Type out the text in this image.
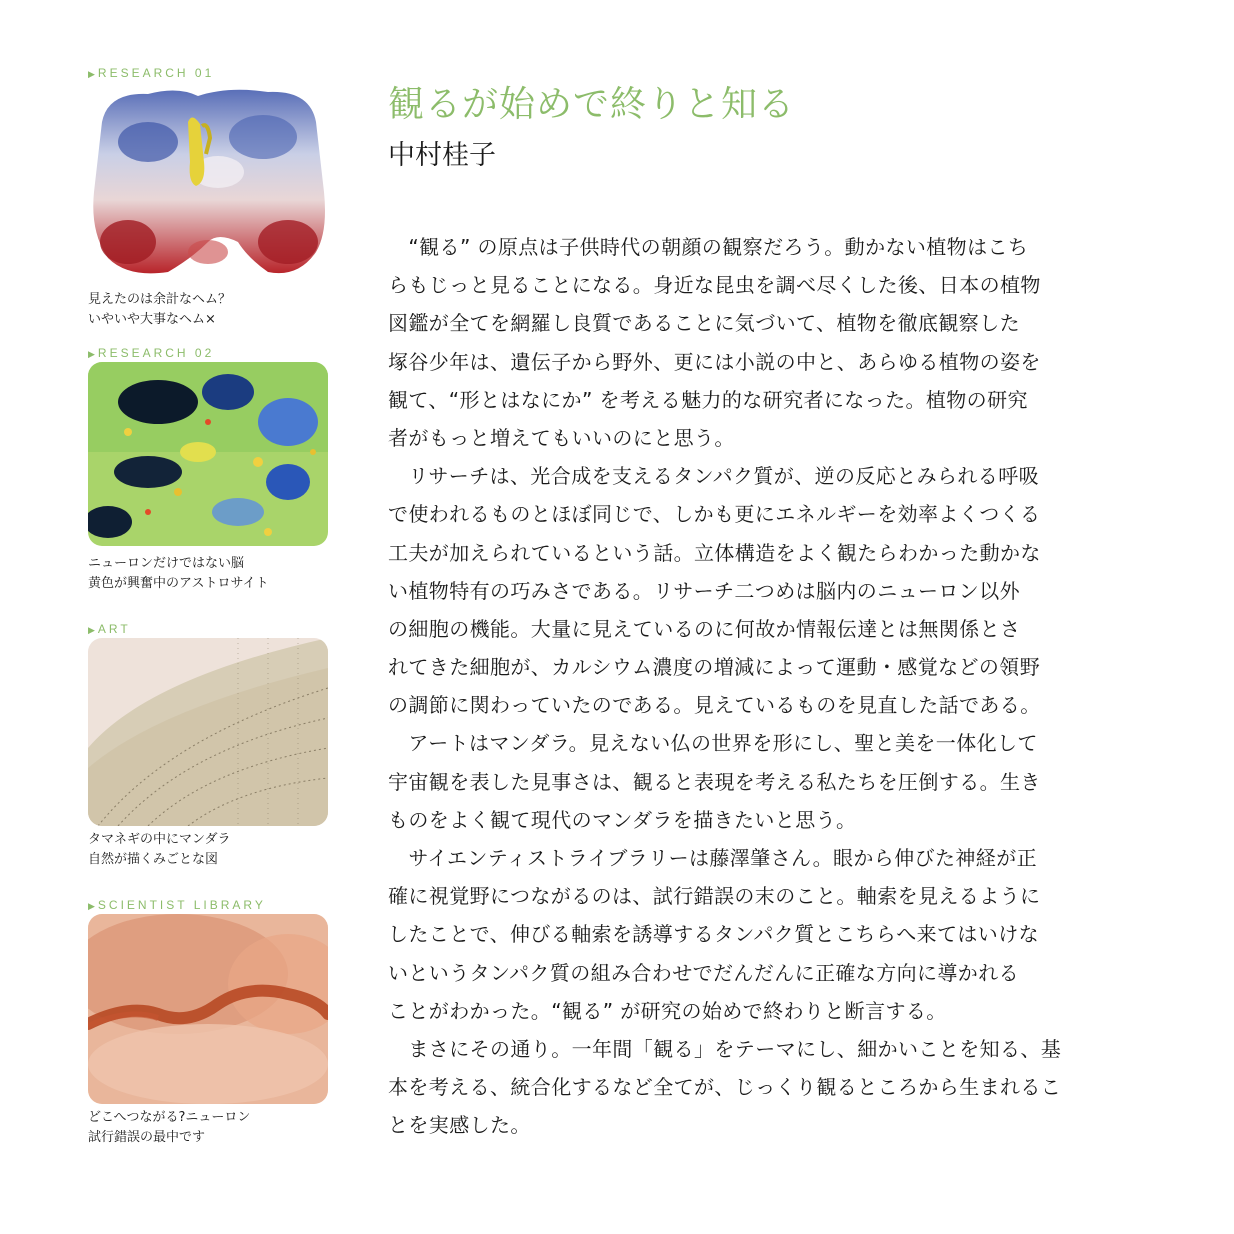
▶ RESEARCH 01
見えたのは余計なヘム？
いやいや大事なヘム×
▶ RESEARCH 02
ニューロンだけではない脳
黄色が興奮中のアストロサイト
▶ ART
タマネギの中にマンダラ
自然が描くみごとな図
▶ SCIENTIST LIBRARY
どこへつながる?ニューロン
試行錯誤の最中です
観るが始めで終りと知る
中村桂子
　“観る” の原点は子供時代の朝顔の観察だろう。動かない植物はこち
らもじっと見ることになる。身近な昆虫を調べ尽くした後、日本の植物
図鑑が全てを網羅し良質であることに気づいて、植物を徹底観察した
塚谷少年は、遺伝子から野外、更には小説の中と、あらゆる植物の姿を
観て、“形とはなにか” を考える魅力的な研究者になった。植物の研究
者がもっと増えてもいいのにと思う。
　リサーチは、光合成を支えるタンパク質が、逆の反応とみられる呼吸
で使われるものとほぼ同じで、しかも更にエネルギーを効率よくつくる
工夫が加えられているという話。立体構造をよく観たらわかった動かな
い植物特有の巧みさである。リサーチ二つめは脳内のニューロン以外
の細胞の機能。大量に見えているのに何故か情報伝達とは無関係とさ
れてきた細胞が、カルシウム濃度の増減によって運動・感覚などの領野
の調節に関わっていたのである。見えているものを見直した話である。
　アートはマンダラ。見えない仏の世界を形にし、聖と美を一体化して
宇宙観を表した見事さは、観ると表現を考える私たちを圧倒する。生き
ものをよく観て現代のマンダラを描きたいと思う。
　サイエンティストライブラリーは藤澤肇さん。眼から伸びた神経が正
確に視覚野につながるのは、試行錯誤の末のこと。軸索を見えるように
したことで、伸びる軸索を誘導するタンパク質とこちらへ来てはいけな
いというタンパク質の組み合わせでだんだんに正確な方向に導かれる
ことがわかった。“観る” が研究の始めで終わりと断言する。
　まさにその通り。一年間「観る」をテーマにし、細かいことを知る、基
本を考える、統合化するなど全てが、じっくり観るところから生まれるこ
とを実感した。
